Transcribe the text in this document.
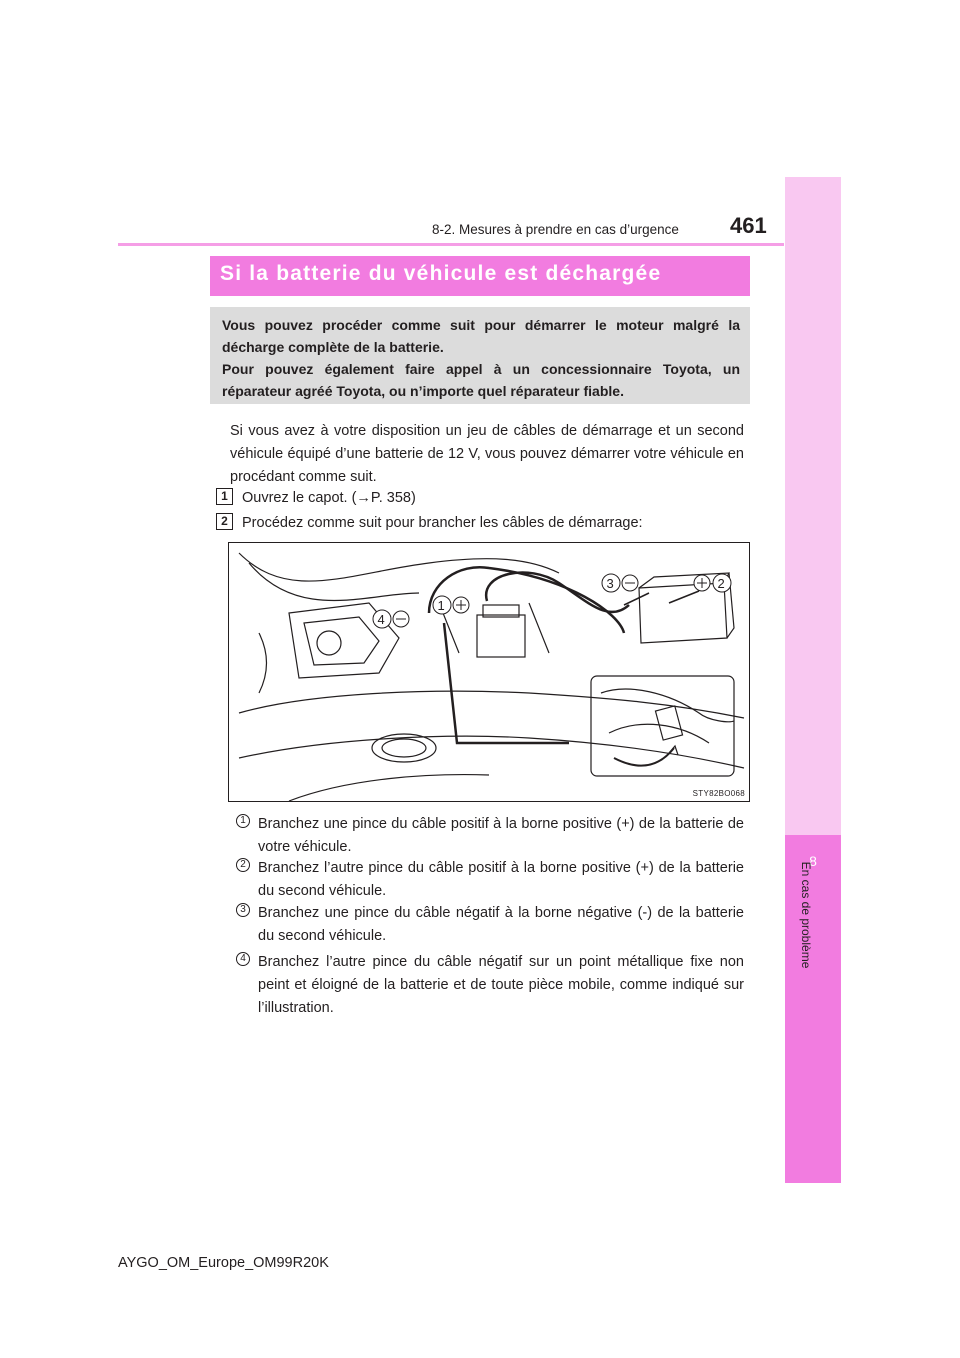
8
En cas de problème
8-2. Mesures à prendre en cas d’urgence 461
Si la batterie du véhicule est déchargée
Vous pouvez procéder comme suit pour démarrer le moteur malgré la
décharge complète de la batterie.
Pour pouvez également faire appel à un concessionnaire Toyota, un
réparateur agréé Toyota, ou n’importe quel réparateur fiable.

Si vous avez à votre disposition un jeu de câbles de démarrage et un second véhicule équipé d’une batterie de 12 V, vous pouvez démarrer votre véhicule en procédant comme suit.

1 Ouvrez le capot. (→P. 358)
2 Procédez comme suit pour brancher les câbles de démarrage:
1
4
3	2
STY82BO068
1 Branchez une pince du câble positif à la borne positive (+) de la batterie de votre véhicule.

2 Branchez l’autre pince du câble positif à la borne positive (+) de la batterie du second véhicule.

3 Branchez une pince du câble négatif à la borne négative (-) de la batterie du second véhicule.

4 Branchez l’autre pince du câble négatif sur un point métallique fixe non peint et éloigné de la batterie et de toute pièce mobile, comme indiqué sur l’illustration.

AYGO_OM_Europe_OM99R20K
